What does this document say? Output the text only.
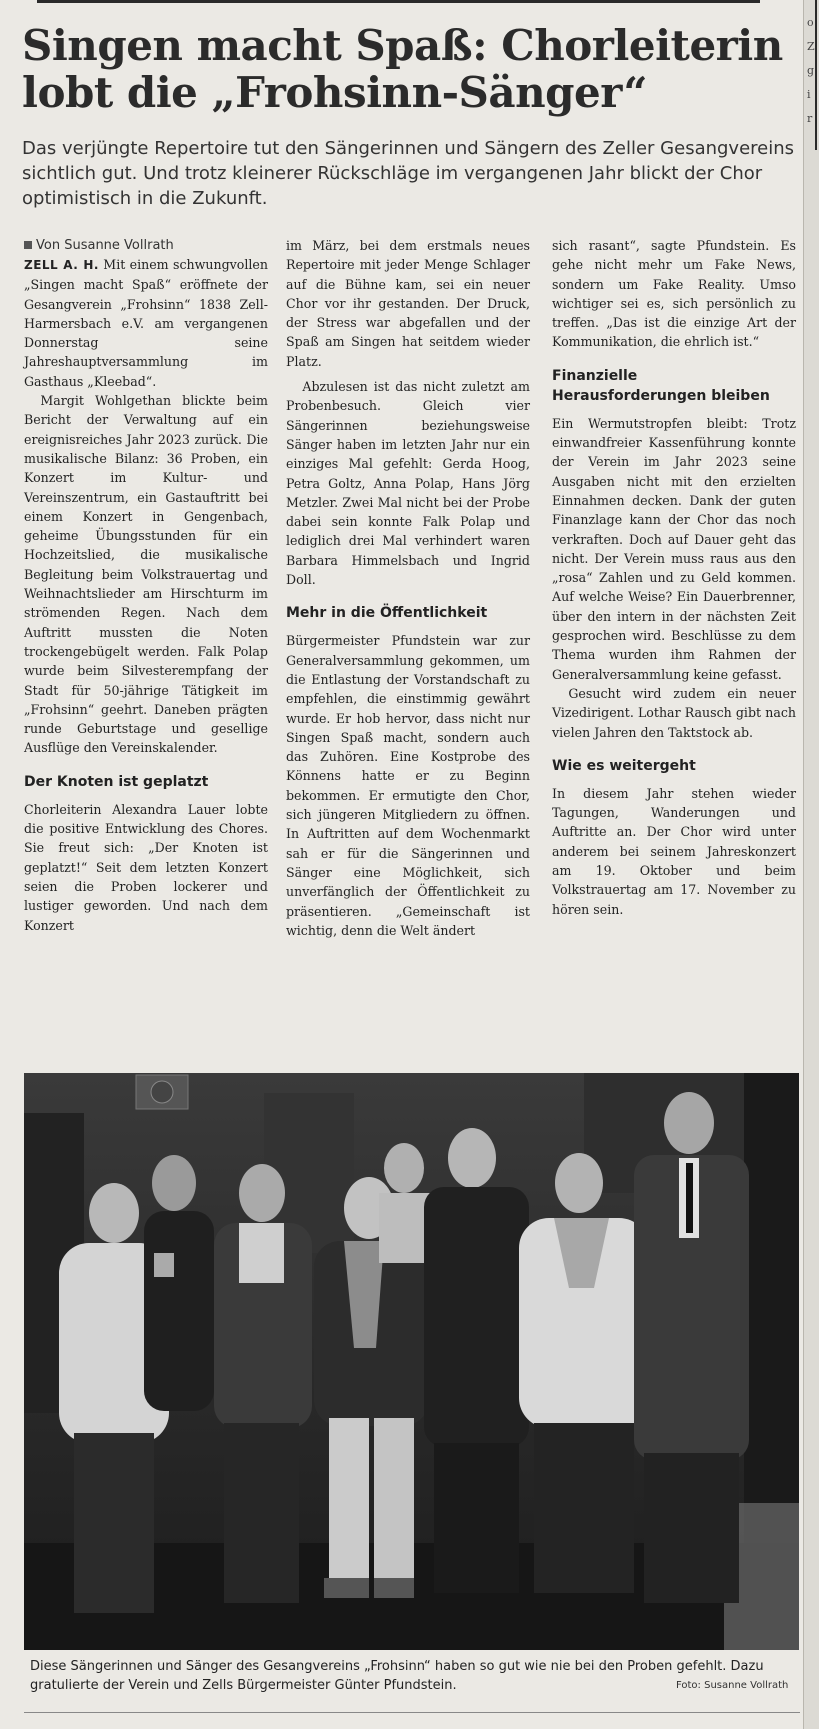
o
Z
g
i
r
Singen macht Spaß: Chorleiterin
lobt die „Frohsinn-Sänger“

Das verjüngte Repertoire tut den Sängerinnen und Sängern des Zeller Gesangvereins sichtlich gut. Und trotz kleinerer Rückschläge im vergangenen Jahr blickt der Chor optimistisch in die Zukunft.

Von Susanne Vollrath

ZELL A. H. Mit einem schwungvollen „Singen macht Spaß“ eröffnete der Gesangverein „Frohsinn“ 1838 Zell-Harmersbach e.V. am vergangenen Donnerstag seine Jahreshauptversammlung im Gasthaus „Kleebad“.

Margit Wohlgethan blickte beim Bericht der Verwaltung auf ein ereignisreiches Jahr 2023 zurück. Die musikalische Bilanz: 36 Proben, ein Konzert im Kultur- und Vereinszentrum, ein Gastauftritt bei einem Konzert in Gengenbach, geheime Übungsstunden für ein Hochzeitslied, die musikalische Begleitung beim Volkstrauertag und Weihnachtslieder am Hirschturm im strömenden Regen. Nach dem Auftritt mussten die Noten trockengebügelt werden. Falk Polap wurde beim Silvesterempfang der Stadt für 50-jährige Tätigkeit im „Frohsinn“ geehrt. Daneben prägten runde Geburtstage und gesellige Ausflüge den Vereinskalender.

Der Knoten ist geplatzt

Chorleiterin Alexandra Lauer lobte die positive Entwicklung des Chores. Sie freut sich: „Der Knoten ist geplatzt!“ Seit dem letzten Konzert seien die Proben lockerer und lustiger geworden. Und nach dem Konzert

im März, bei dem erstmals neues Repertoire mit jeder Menge Schlager auf die Bühne kam, sei ein neuer Chor vor ihr gestanden. Der Druck, der Stress war abgefallen und der Spaß am Singen hat seitdem wieder Platz.

Abzulesen ist das nicht zuletzt am Probenbesuch. Gleich vier Sängerinnen beziehungsweise Sänger haben im letzten Jahr nur ein einziges Mal gefehlt: Gerda Hoog, Petra Goltz, Anna Polap, Hans Jörg Metzler. Zwei Mal nicht bei der Probe dabei sein konnte Falk Polap und lediglich drei Mal verhindert waren Barbara Himmelsbach und Ingrid Doll.

Mehr in die Öffentlichkeit

Bürgermeister Pfundstein war zur Generalversammlung gekommen, um die Entlastung der Vorstandschaft zu empfehlen, die einstimmig gewährt wurde. Er hob hervor, dass nicht nur Singen Spaß macht, sondern auch das Zuhören. Eine Kostprobe des Könnens hatte er zu Beginn bekommen. Er ermutigte den Chor, sich jüngeren Mitgliedern zu öffnen. In Auftritten auf dem Wochenmarkt sah er für die Sängerinnen und Sänger eine Möglichkeit, sich unverfänglich der Öffentlichkeit zu präsentieren. „Gemeinschaft ist wichtig, denn die Welt ändert

sich rasant“, sagte Pfundstein. Es gehe nicht mehr um Fake News, sondern um Fake Reality. Umso wichtiger sei es, sich persönlich zu treffen. „Das ist die einzige Art der Kommunikation, die ehrlich ist.“

Finanzielle Herausforderungen bleiben

Ein Wermutstropfen bleibt: Trotz einwandfreier Kassenführung konnte der Verein im Jahr 2023 seine Ausgaben nicht mit den erzielten Einnahmen decken. Dank der guten Finanzlage kann der Chor das noch verkraften. Doch auf Dauer geht das nicht. Der Verein muss raus aus den „rosa“ Zahlen und zu Geld kommen. Auf welche Weise? Ein Dauerbrenner, über den intern in der nächsten Zeit gesprochen wird. Beschlüsse zu dem Thema wurden ihm Rahmen der Generalversammlung keine gefasst.

Gesucht wird zudem ein neuer Vizedirigent. Lothar Rausch gibt nach vielen Jahren den Taktstock ab.

Wie es weitergeht

In diesem Jahr stehen wieder Tagungen, Wanderungen und Auftritte an. Der Chor wird unter anderem bei seinem Jahreskonzert am 19. Oktober und beim Volkstrauertag am 17. November zu hören sein.

Diese Sängerinnen und Sänger des Gesangvereins „Frohsinn“ haben so gut wie nie bei den Proben gefehlt. Dazu gratulierte der Verein und Zells Bürgermeister Günter Pfundstein.	Foto: Susanne Vollrath
